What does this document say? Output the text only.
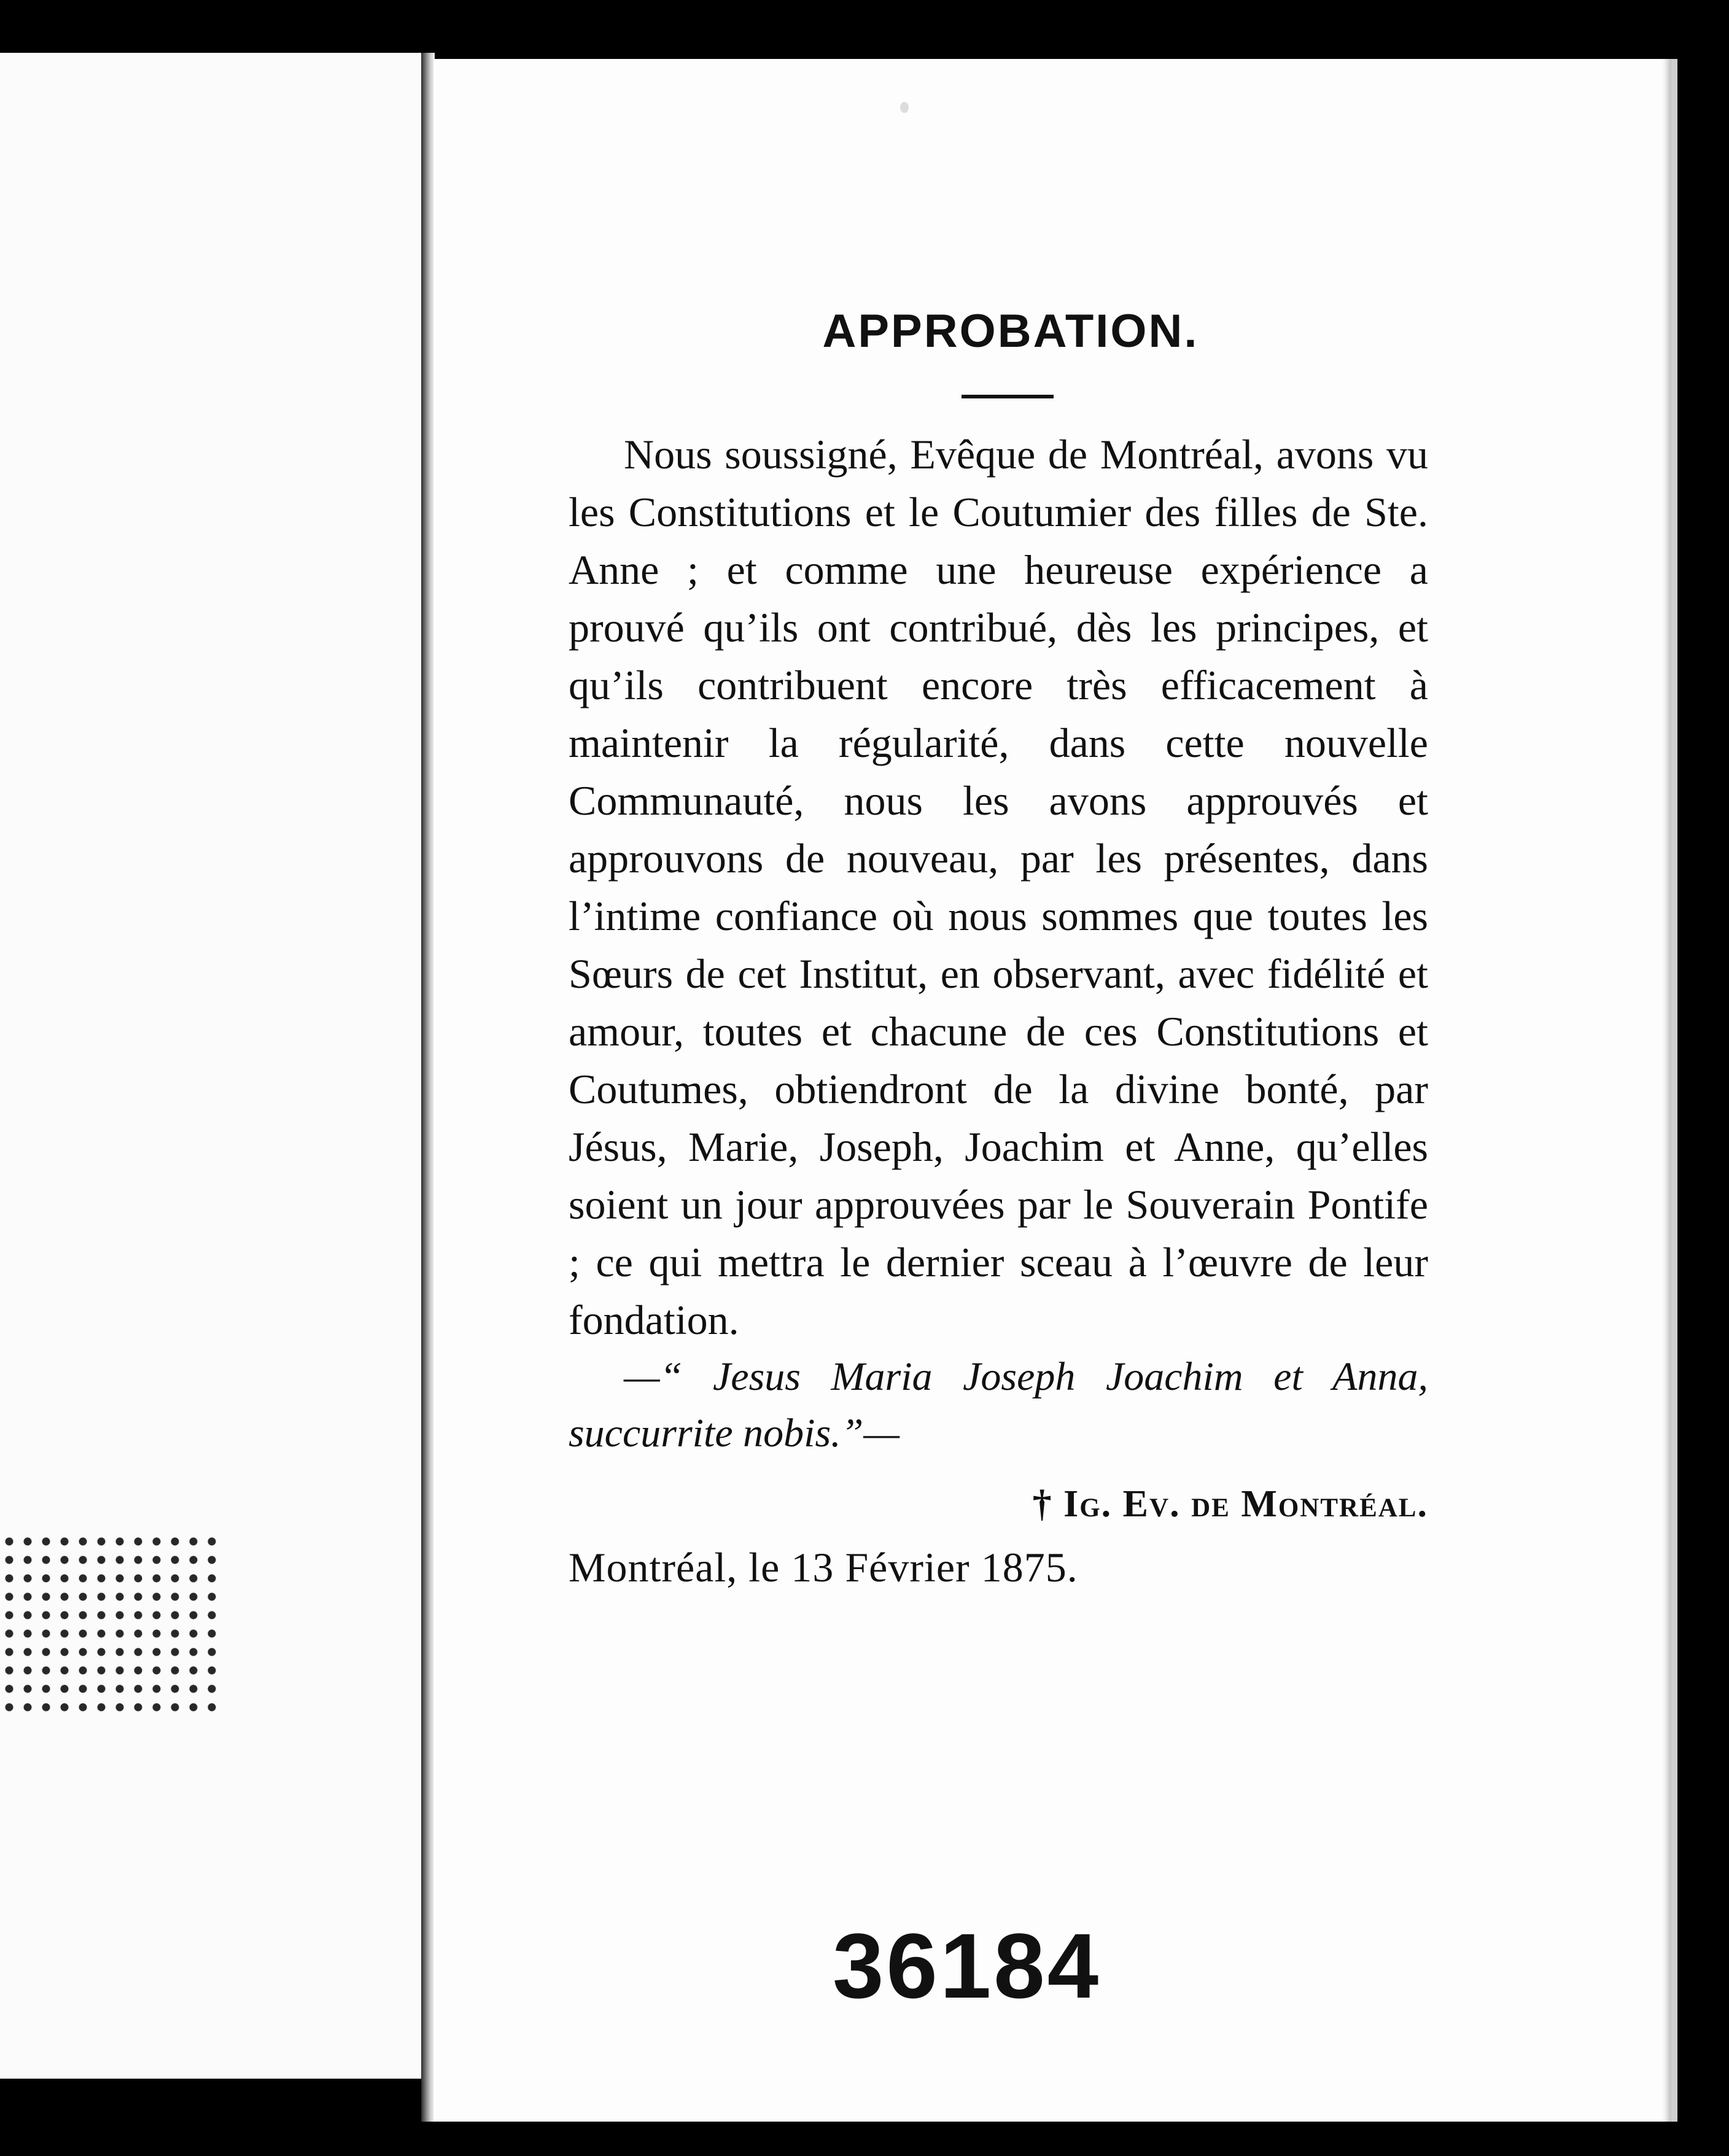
APPROBATION.

Nous soussigné, Evêque de Montréal, avons vu les Constitutions et le Coutumier des filles de Ste. Anne ; et comme une heureuse expérience a prouvé qu’ils ont contribué, dès les principes, et qu’ils contribuent encore très efficacement à maintenir la régularité, dans cette nouvelle Communauté, nous les avons approuvés et approuvons de nouveau, par les présentes, dans l’intime confiance où nous sommes que toutes les Sœurs de cet Institut, en observant, avec fidélité et amour, toutes et chacune de ces Constitutions et Coutumes, obtiendront de la divine bonté, par Jésus, Marie, Joseph, Joachim et Anne, qu’elles soient un jour approuvées par le Souverain Pontife ; ce qui mettra le dernier sceau à l’œuvre de leur fondation.

—“ Jesus Maria Joseph Joachim et Anna, succurrite nobis.”—

† Ig. Ev. de Montréal.
Montréal, le 13 Février 1875.
36184
